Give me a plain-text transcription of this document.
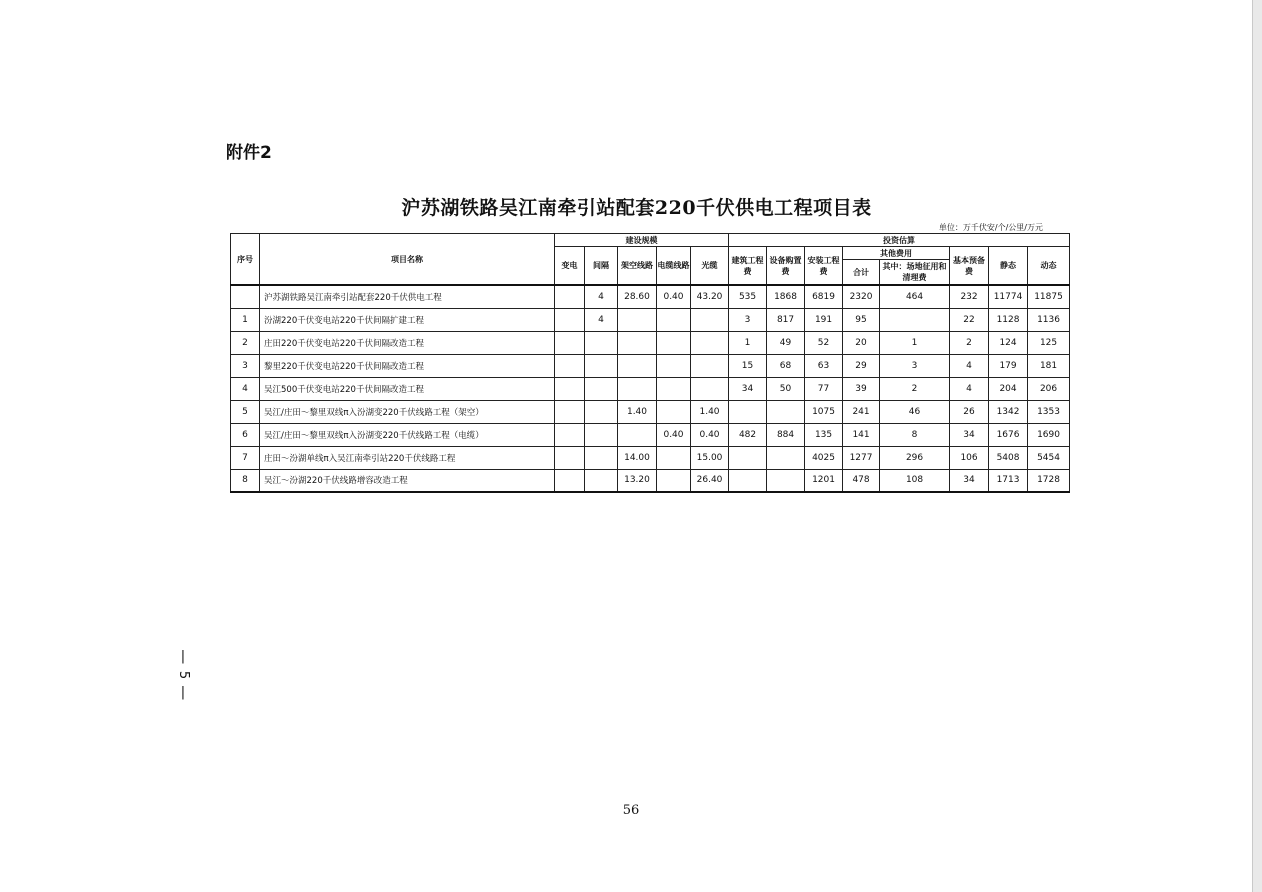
附件2
沪苏湖铁路吴江南牵引站配套220千伏供电工程项目表
单位：万千伏安/个/公里/万元
序号	项目名称	建设规模					投资估算							
		变电	间隔	架空线路	电缆线路	光缆	建筑工程费	设备购置费	安装工程费	其他费用		基本预备费	静态	动态
										合计	其中：场地征用和清理费			
	沪苏湖铁路吴江南牵引站配套220千伏供电工程		4	28.60	0.40	43.20	535	1868	6819	2320	464	232	11774	11875
1	汾湖220千伏变电站220千伏间隔扩建工程		4				3	817	191	95		22	1128	1136
2	庄田220千伏变电站220千伏间隔改造工程						1	49	52	20	1	2	124	125
3	黎里220千伏变电站220千伏间隔改造工程						15	68	63	29	3	4	179	181
4	吴江500千伏变电站220千伏间隔改造工程						34	50	77	39	2	4	204	206
5	吴江/庄田～黎里双线π入汾湖变220千伏线路工程（架空）			1.40		1.40			1075	241	46	26	1342	1353
6	吴江/庄田～黎里双线π入汾湖变220千伏线路工程（电缆）				0.40	0.40	482	884	135	141	8	34	1676	1690
7	庄田～汾湖单线π入吴江南牵引站220千伏线路工程			14.00		15.00			4025	1277	296	106	5408	5454
8	吴江～汾湖220千伏线路增容改造工程			13.20		26.40			1201	478	108	34	1713	1728
|
5
|
56
